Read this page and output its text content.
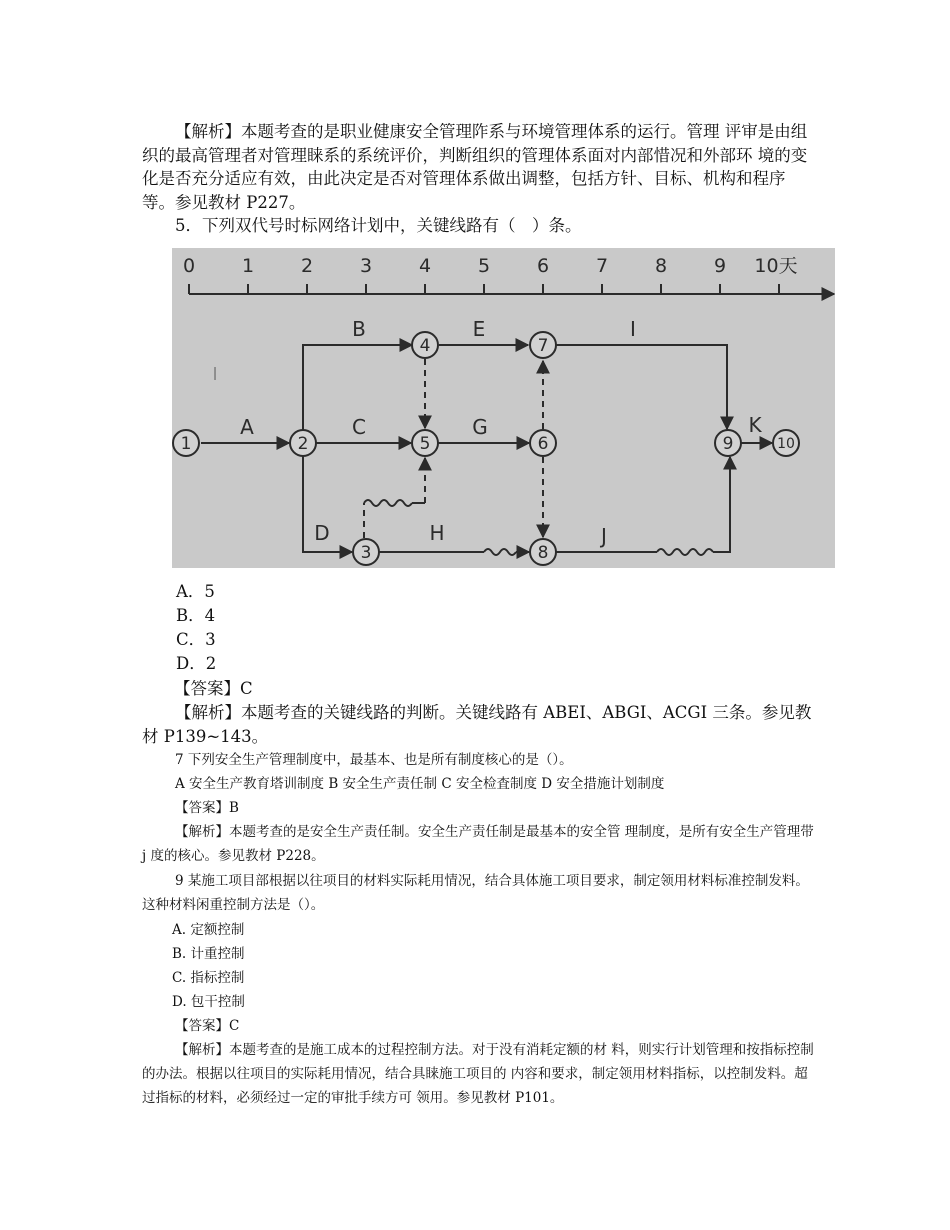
【解析】本题考查的是职业健康安全管理阼系与环境管理体系的运行。管理 评审是由组织的最高管理者对管理睐系的系统评价，判断组织的管理体系面对内部惜况和外部环 境的变化是否充分适应有效，由此决定是否对管理体系做出调整，包括方针、目标、机构和程序 等。参见教材 P227。

5．下列双代号时标网络计划中，关键线路有（　）条。

0 1 2 3 4 5 6 7 8 9 10天
A
B
C
D
E
G
H
I
J
K
I
1	2
3
4
5	6
7
8
9	10

A．5

B．4

C．3

D．2

【答案】C

【解析】本题考查的关键线路的判断。关键线路有 ABEI、ABGI、ACGI 三条。参见教材 P139~143。

7 下列安全生产管理制度中，最基本、也是所有制度核心的是（）。

A 安全生产教育塔训制度 B 安全生产责任制 C 安全检査制度 D 安全措施计划制度

【答案】B

【解析】本题考查的是安全生产责任制。安全生产责任制是最基本的安全管 理制度，是所有安全生产管理带 j 度的核心。参见教材 P228。

9 某施工项目部根据以往项目的材料实际耗用情况，结合具体施工项目要求，制定领用材料标准控制发料。这种材料闲重控制方法是（）。

A. 定额控制

B. 计重控制

C. 指标控制

D. 包干控制

【答案】C

【解析】本题考查的是施工成本的过程控制方法。对于没有消耗定额的材 料，则实行计划管理和按指标控制的办法。根据以往项目的实际耗用情况，结合具睐施工项目的 内容和要求，制定领用材料指标，以控制发料。超过指标的材料，必须经过一定的审批手续方可 领用。参见教材 P101。
